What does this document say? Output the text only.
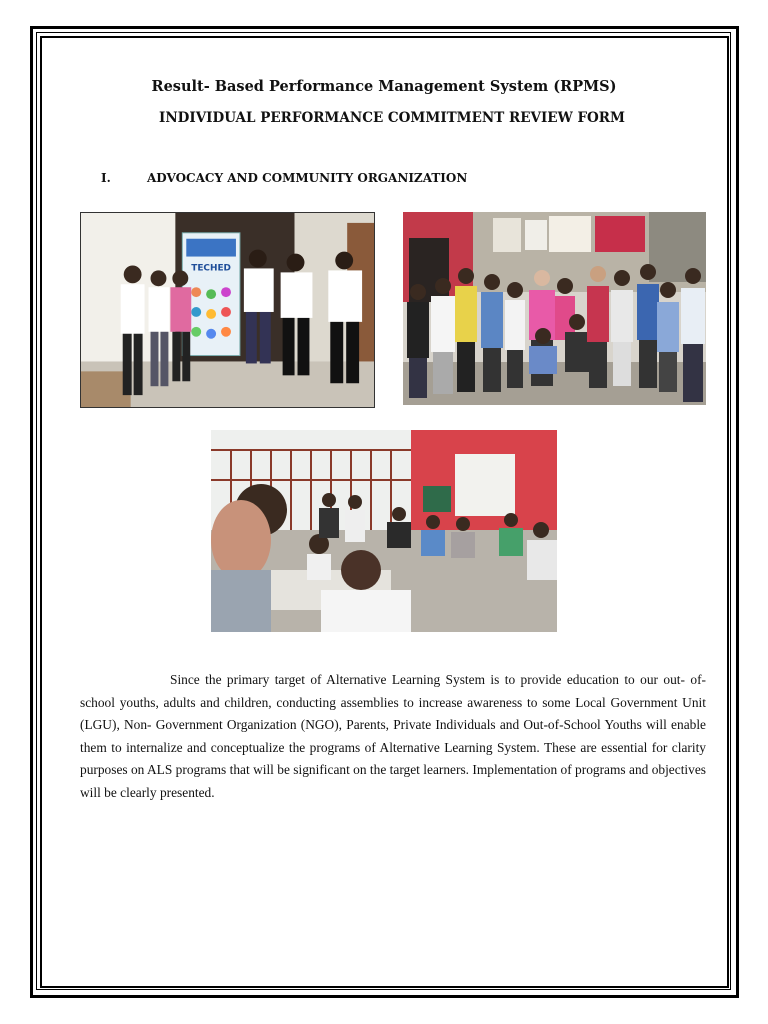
Result- Based Performance Management System (RPMS)
INDIVIDUAL PERFORMANCE COMMITMENT REVIEW FORM
I.	ADVOCACY AND COMMUNITY ORGANIZATION
TECHED

Since the primary target of Alternative Learning System is to provide education to our out- of- school youths, adults and children, conducting assemblies to increase awareness to some Local Government Unit (LGU), Non- Government Organization (NGO), Parents, Private Individuals and Out-of-School Youths will enable them to internalize and conceptualize the programs of Alternative Learning System. These are essential for clarity purposes on ALS programs that will be significant on the target learners. Implementation of programs and objectives will be clearly presented.
